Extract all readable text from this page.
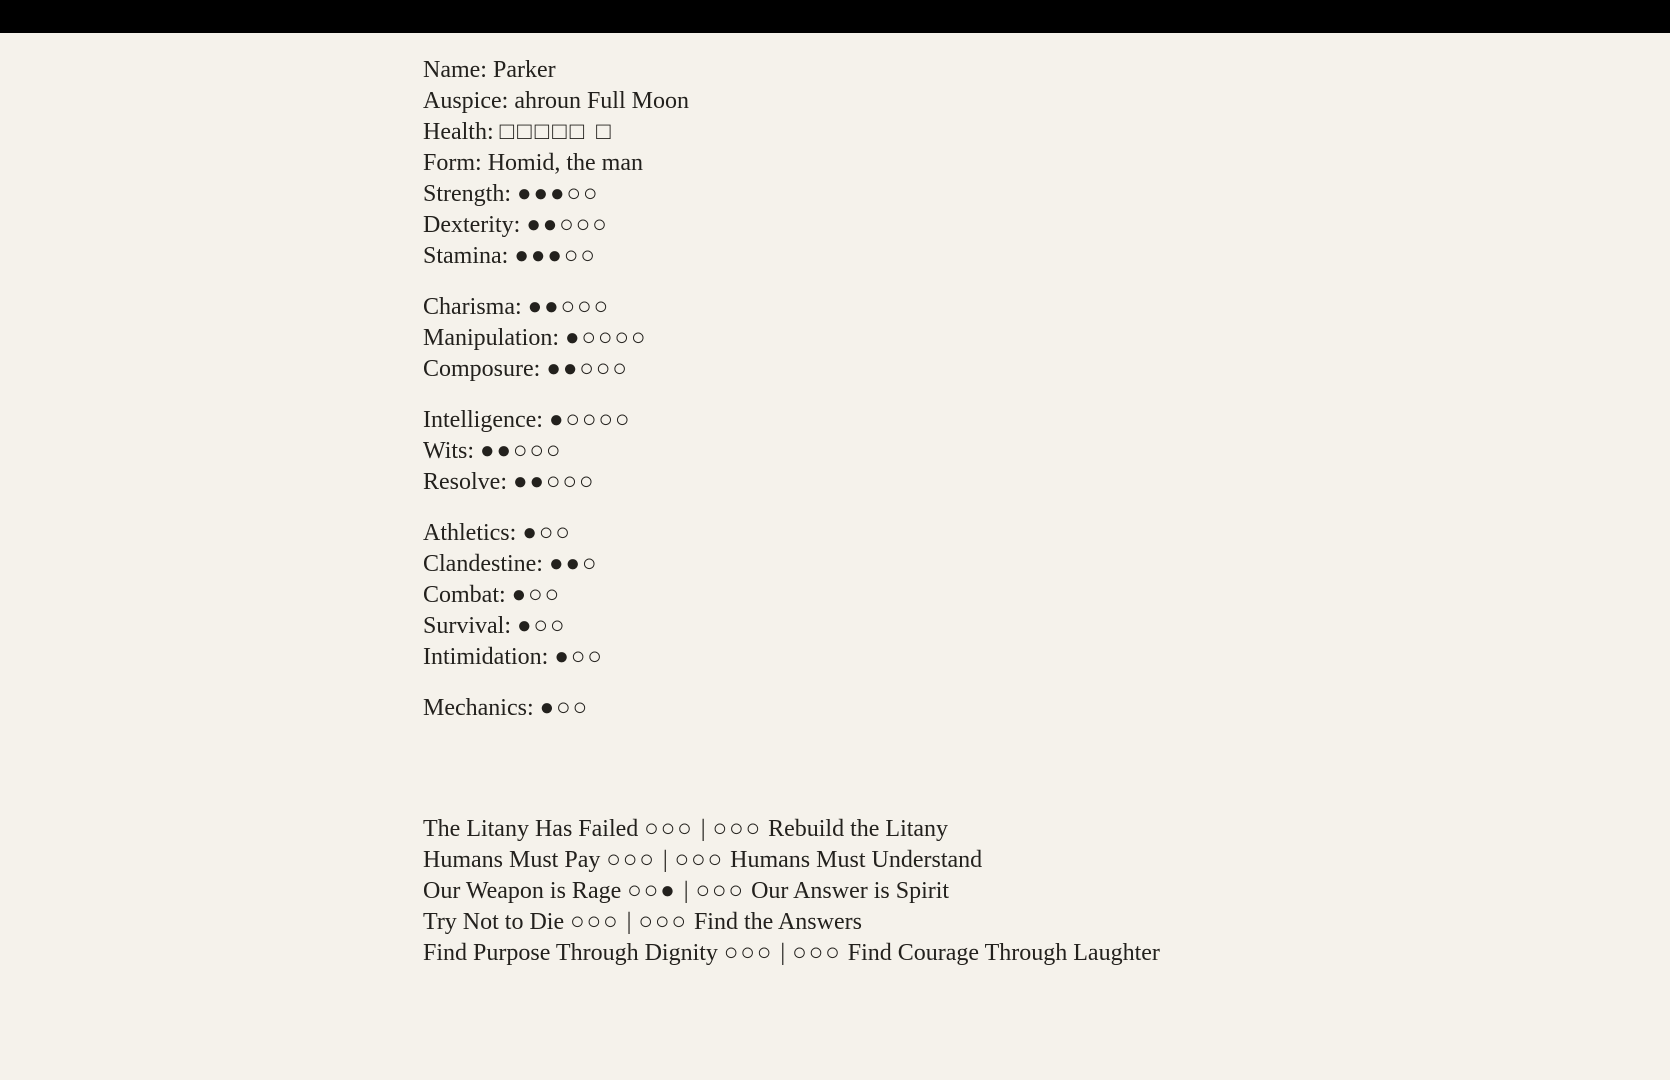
Name: Parker

Auspice: ahroun Full Moon

Health: □□□□□ □

Form: Homid, the man

Strength: ●●●○○

Dexterity: ●●○○○

Stamina: ●●●○○

Charisma: ●●○○○

Manipulation: ●○○○○

Composure: ●●○○○

Intelligence: ●○○○○

Wits: ●●○○○

Resolve: ●●○○○

Athletics: ●○○

Clandestine: ●●○

Combat: ●○○

Survival: ●○○

Intimidation: ●○○

Mechanics: ●○○

The Litany Has Failed ○○○ | ○○○ Rebuild the Litany

Humans Must Pay ○○○ | ○○○ Humans Must Understand

Our Weapon is Rage ○○● | ○○○ Our Answer is Spirit

Try Not to Die ○○○ | ○○○ Find the Answers

Find Purpose Through Dignity ○○○ | ○○○ Find Courage Through Laughter
